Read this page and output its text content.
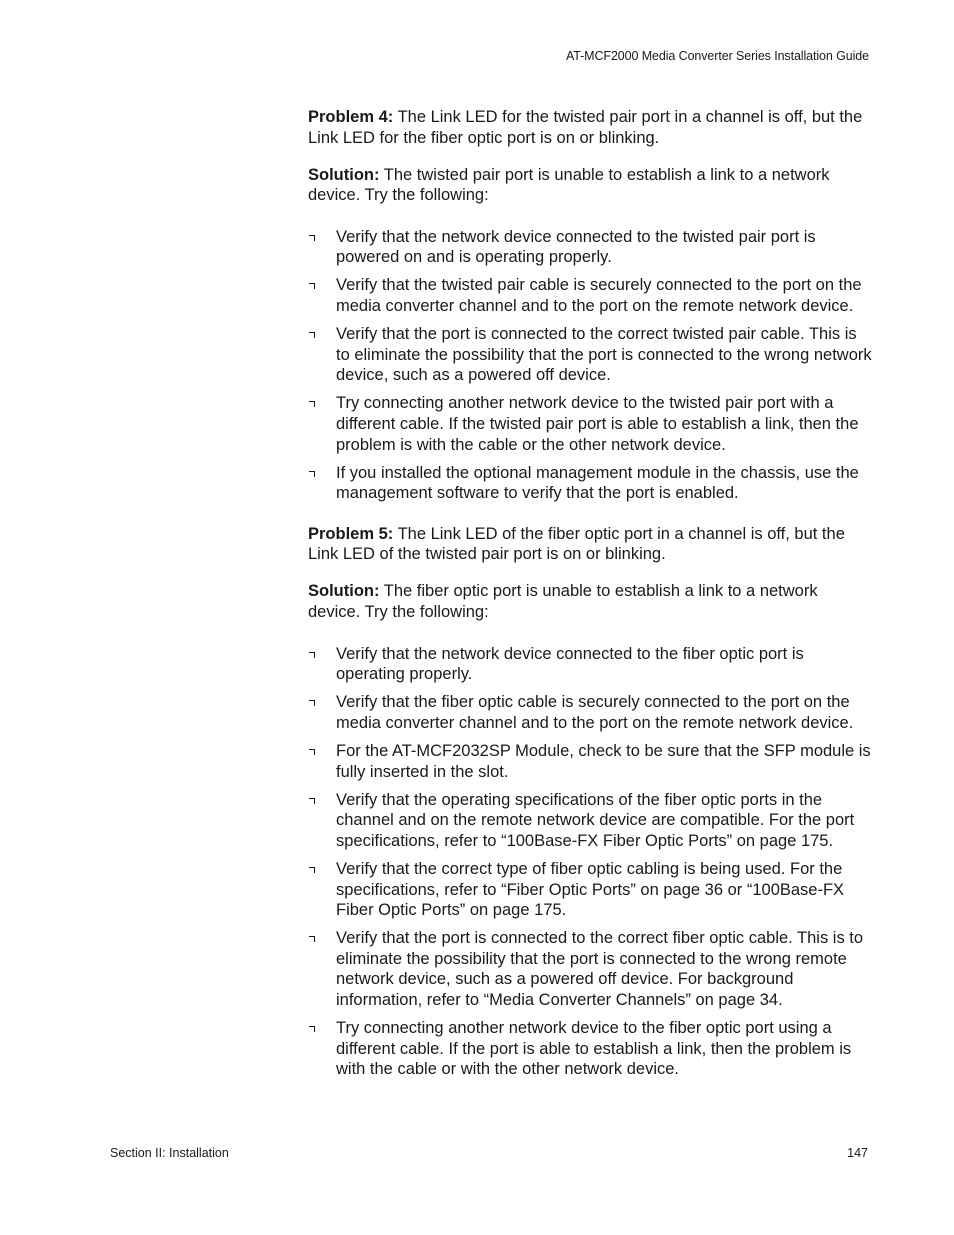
AT-MCF2000 Media Converter Series Installation Guide

Problem 4: The Link LED for the twisted pair port in a channel is off, but the Link LED for the fiber optic port is on or blinking.

Solution: The twisted pair port is unable to establish a link to a network device. Try the following:

Verify that the network device connected to the twisted pair port is powered on and is operating properly.
Verify that the twisted pair cable is securely connected to the port on the media converter channel and to the port on the remote network device.
Verify that the port is connected to the correct twisted pair cable. This is to eliminate the possibility that the port is connected to the wrong network device, such as a powered off device.
Try connecting another network device to the twisted pair port with a different cable. If the twisted pair port is able to establish a link, then the problem is with the cable or the other network device.
If you installed the optional management module in the chassis, use the management software to verify that the port is enabled.

Problem 5: The Link LED of the fiber optic port in a channel is off, but the Link LED of the twisted pair port is on or blinking.

Solution: The fiber optic port is unable to establish a link to a network device. Try the following:

Verify that the network device connected to the fiber optic port is operating properly.
Verify that the fiber optic cable is securely connected to the port on the media converter channel and to the port on the remote network device.
For the AT-MCF2032SP Module, check to be sure that the SFP module is fully inserted in the slot.
Verify that the operating specifications of the fiber optic ports in the channel and on the remote network device are compatible. For the port specifications, refer to “100Base-FX Fiber Optic Ports” on page 175.
Verify that the correct type of fiber optic cabling is being used. For the specifications, refer to “Fiber Optic Ports” on page 36 or “100Base-FX Fiber Optic Ports” on page 175.
Verify that the port is connected to the correct fiber optic cable. This is to eliminate the possibility that the port is connected to the wrong remote network device, such as a powered off device. For background information, refer to “Media Converter Channels” on page 34.
Try connecting another network device to the fiber optic port using a different cable. If the port is able to establish a link, then the problem is with the cable or with the other network device.
Section II: Installation	147
